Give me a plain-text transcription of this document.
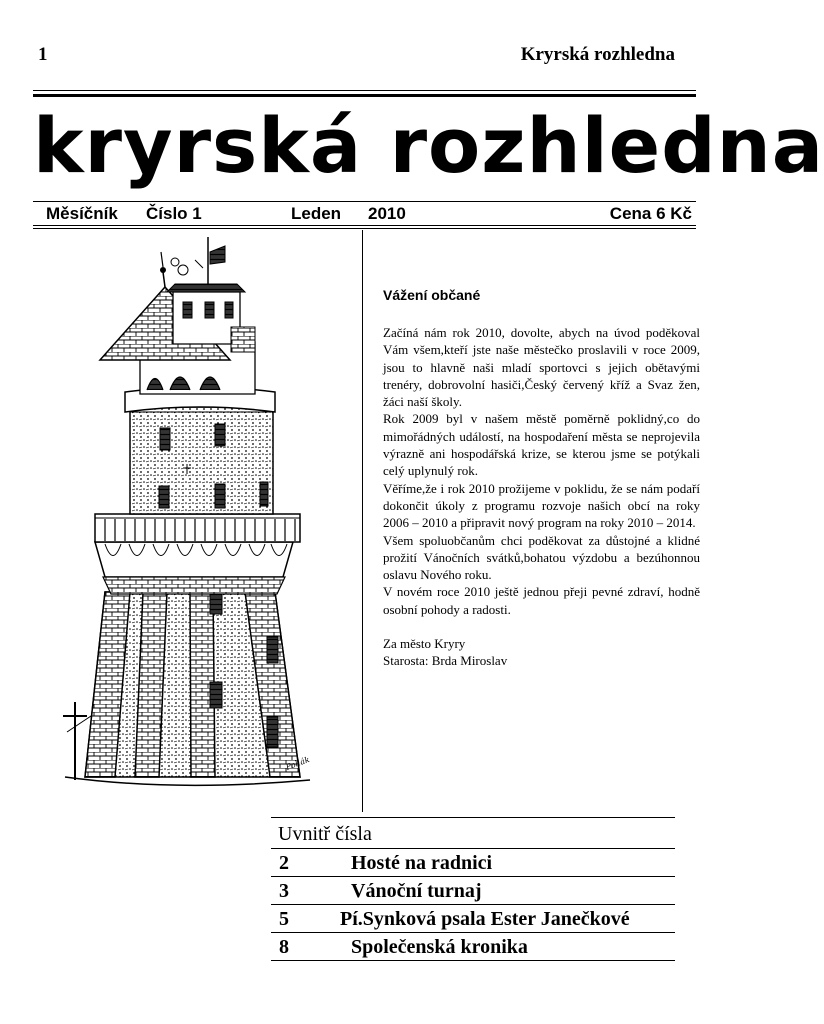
1	Kryrská rozhledna
kryrská rozhledna
Měsíčník Číslo 1	Leden 2010	Cena 6 Kč
Pollák
Vážení občané

Začíná nám rok 2010, dovolte, abych na úvod poděkoval Vám všem,kteří jste naše městečko proslavili v roce 2009, jsou to hlavně naši mladí sportovci s jejich obětavými trenéry, dobrovolní hasiči,Český červený kříž a Svaz žen, žáci naší školy.

Rok 2009 byl v našem městě poměrně poklidný,co do mimořádných událostí, na hospodaření města se neprojevila výrazně ani hospodářská krize, se kterou jsme se potýkali celý uplynulý rok.

Věříme,že i rok 2010 prožijeme v poklidu, že se nám podaří dokončit úkoly z programu rozvoje našich obcí na roky 2006 – 2010 a připravit nový program na roky 2010 – 2014.

Všem spoluobčanům chci poděkovat za důstojné a klidné prožití Vánočních svátků,bohatou výzdobu a bezúhonnou oslavu Nového roku.

V novém roce 2010 ještě jednou přeji pevné zdraví, hodně osobní pohody a radosti.

Za město Kryry
Starosta: Brda Miroslav
Uvnitř čísla
2	Hosté na radnici
3	Vánoční turnaj
5	Pí.Synková psala Ester Janečkové
8	Společenská kronika
